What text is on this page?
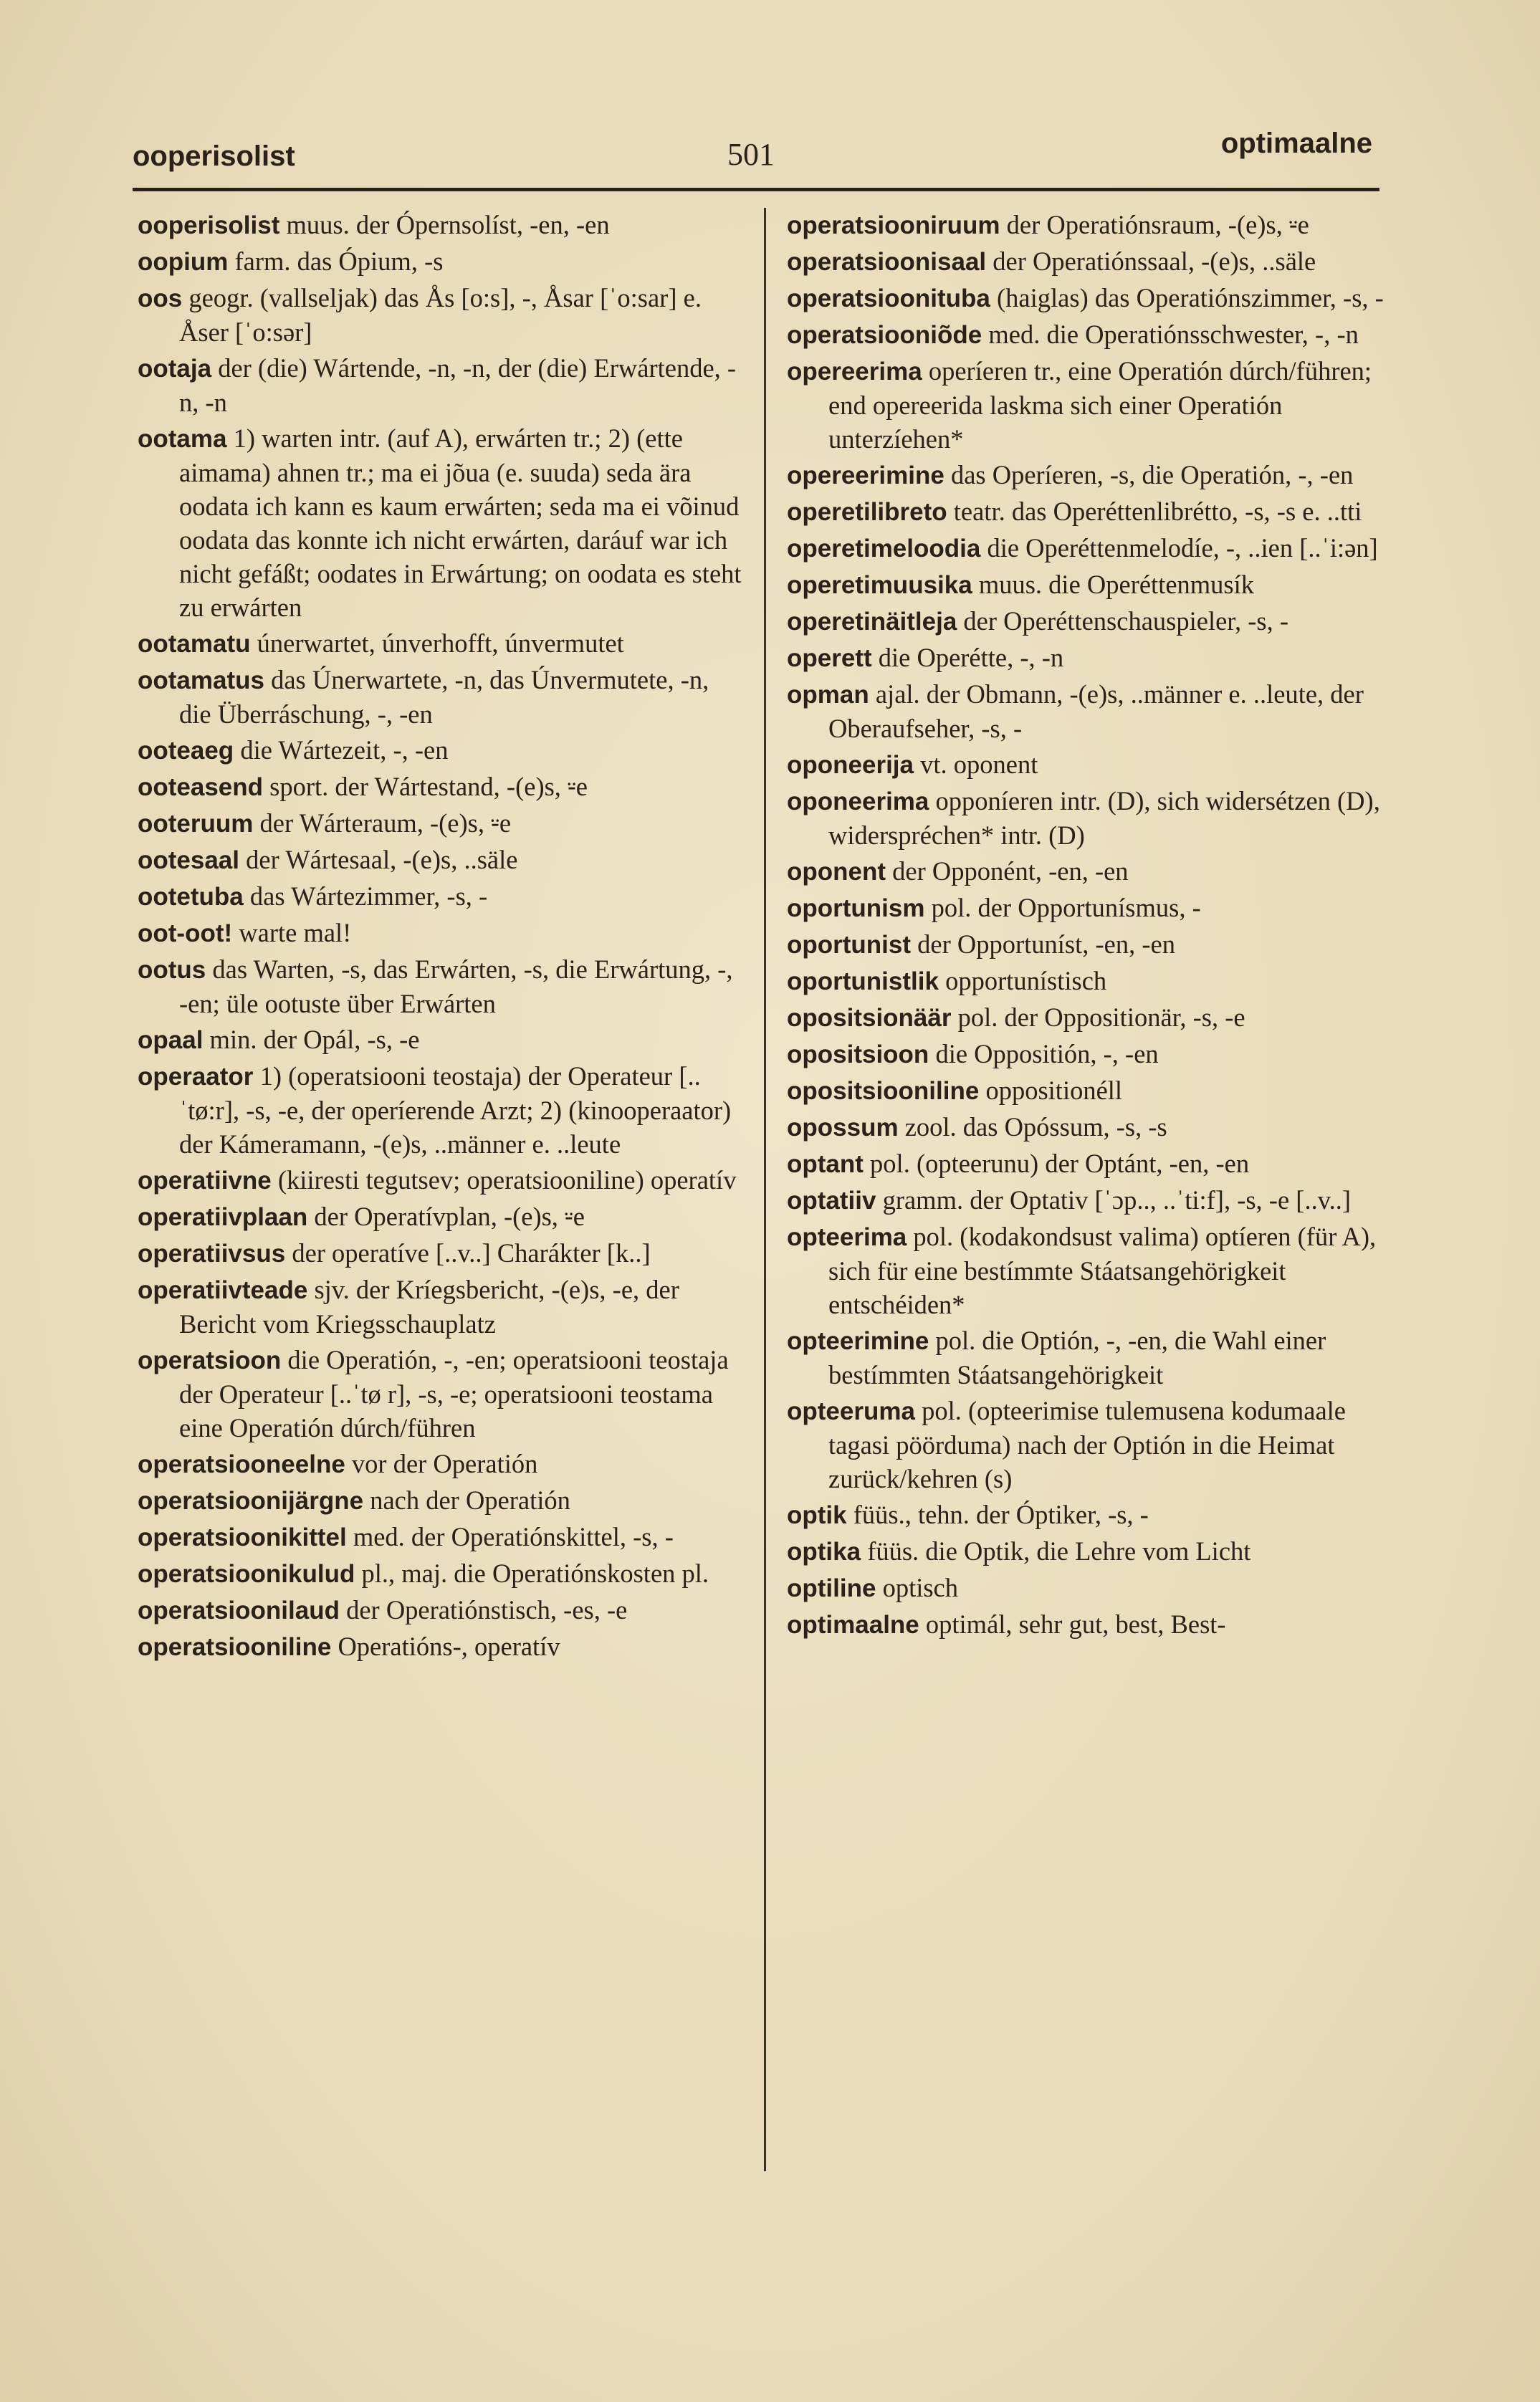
ooperisolist	501	optimaalne

ooperisolist muus. der Ópernsolíst, -en, -en

oopium farm. das Ópium, -s

oos geogr. (vallseljak) das Ås [o:s], -, Åsar [ˈo:sar] e. Åser [ˈo:sər]

ootaja der (die) Wártende, -n, -n, der (die) Erwártende, -n, -n

ootama 1) warten intr. (auf A), erwárten tr.; 2) (ette aimama) ahnen tr.; ma ei jõua (e. suuda) seda ära oodata ich kann es kaum erwárten; seda ma ei võinud oodata das konnte ich nicht erwárten, daráuf war ich nicht gefáßt; oodates in Erwártung; on oodata es steht zu erwárten

ootamatu únerwartet, únverhofft, únvermutet

ootamatus das Únerwartete, -n, das Únvermutete, -n, die Überráschung, -, -en

ooteaeg die Wártezeit, -, -en

ooteasend sport. der Wártestand, -(e)s, ⸚e

ooteruum der Wárteraum, -(e)s, ⸚e

ootesaal der Wártesaal, -(e)s, ..säle

ootetuba das Wártezimmer, -s, -

oot-oot! warte mal!

ootus das Warten, -s, das Erwárten, -s, die Erwártung, -, -en; üle ootuste über Erwárten

opaal min. der Opál, -s, -e

operaator 1) (operatsiooni teostaja) der Operateur [..ˈtø:r], -s, -e, der operíerende Arzt; 2) (kinooperaator) der Kámeramann, -(e)s, ..männer e. ..leute

operatiivne (kiiresti tegutsev; operatsiooniline) operatív

operatiivplaan der Operatívplan, -(e)s, ⸚e

operatiivsus der operatíve [..v..] Charákter [k..]

operatiivteade sjv. der Kríegsbericht, -(e)s, -e, der Bericht vom Kriegsschauplatz

operatsioon die Operatión, -, -en; operatsiooni teostaja der Operateur [..ˈtø r], -s, -e; operatsiooni teostama eine Operatión dúrch/führen

operatsiooneelne vor der Operatión

operatsioonijärgne nach der Operatión

operatsioonikittel med. der Operatiónskittel, -s, -

operatsioonikulud pl., maj. die Operatiónskosten pl.

operatsioonilaud der Operatiónstisch, -es, -e

operatsiooniline Operatións-, operatív

operatsiooniruum der Operatiónsraum, -(e)s, ⸚e

operatsioonisaal der Operatiónssaal, -(e)s, ..säle

operatsioonituba (haiglas) das Operatiónszimmer, -s, -

operatsiooniõde med. die Operatiónsschwester, -, -n

opereerima operíeren tr., eine Operatión dúrch/führen; end opereerida laskma sich einer Operatión unterzíehen*

opereerimine das Operíeren, -s, die Operatión, -, -en

operetilibreto teatr. das Operéttenlibrétto, -s, -s e. ..tti

operetimeloodia die Operéttenmelodíe, -, ..ien [..ˈi:ən]

operetimuusika muus. die Operéttenmusík

operetinäitleja der Operéttenschauspieler, -s, -

operett die Operétte, -, -n

opman ajal. der Obmann, -(e)s, ..männer e. ..leute, der Oberaufseher, -s, -

oponeerija vt. oponent

oponeerima opponíeren intr. (D), sich widersétzen (D), widerspréchen* intr. (D)

oponent der Opponént, -en, -en

oportunism pol. der Opportunísmus, -

oportunist der Opportuníst, -en, -en

oportunistlik opportunístisch

opositsionäär pol. der Oppositionär, -s, -e

opositsioon die Oppositión, -, -en

opositsiooniline oppositionéll

opossum zool. das Opóssum, -s, -s

optant pol. (opteerunu) der Optánt, -en, -en

optatiiv gramm. der Optativ [ˈɔp.., ..ˈti:f], -s, -e [..v..]

opteerima pol. (kodakondsust valima) optíeren (für A), sich für eine bestímmte Stáatsangehörigkeit entschéiden*

opteerimine pol. die Optión, -, -en, die Wahl einer bestímmten Stáatsangehörigkeit

opteeruma pol. (opteerimise tulemusena kodumaale tagasi pöörduma) nach der Optión in die Heimat zurück/kehren (s)

optik füüs., tehn. der Óptiker, -s, -

optika füüs. die Optik, die Lehre vom Licht

optiline optisch

optimaalne optimál, sehr gut, best, Best-
